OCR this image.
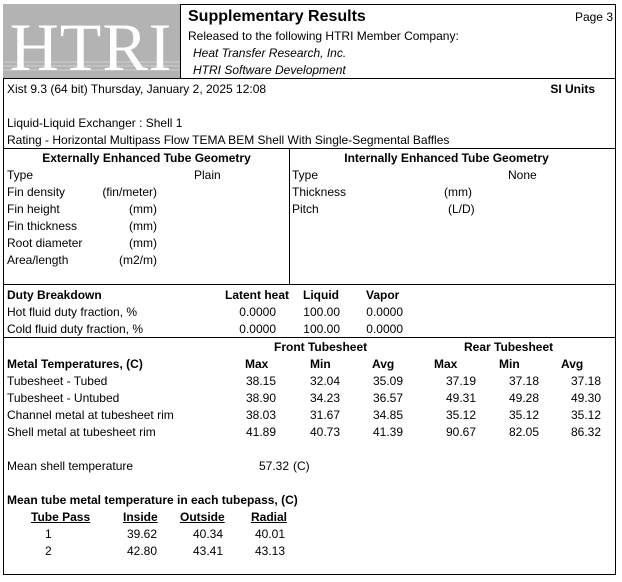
HTRI Supplementary Results	Page 3
Released to the following HTRI Member Company:
Heat Transfer Research, Inc.
HTRI Software Development
Xist 9.3 (64 bit) Thursday, January 2, 2025 12:08	SI Units
Liquid-Liquid Exchanger : Shell 1
Rating - Horizontal Multipass Flow TEMA BEM Shell With Single-Segmental Baffles
Externally Enhanced Tube Geometry
Type	Plain
Fin density	(fin/meter)
Fin height	(mm)
Fin thickness	(mm)
Root diameter	(mm)
Area/length	(m2/m)
Internally Enhanced Tube Geometry
Type	None
Thickness	(mm)
Pitch	(L/D)
Duty Breakdown	Latent heat Liquid Vapor
Hot fluid duty fraction, %	0.0000 100.00 0.0000
Cold fluid duty fraction, %	0.0000 100.00 0.0000
Front Tubesheet	Rear Tubesheet
Metal Temperatures, (C)	Max	Min	Avg	Max	Min	Avg
Tubesheet - Tubed	38.15	32.04	35.09	37.19	37.18	37.18
Tubesheet - Untubed	38.90	34.23	36.57	49.31	49.28	49.30
Channel metal at tubesheet rim	38.03	31.67	34.85	35.12	35.12	35.12
Shell metal at tubesheet rim	41.89	40.73	41.39	90.67	82.05	86.32
Mean shell temperature	57.32 (C)
Mean tube metal temperature in each tubepass, (C)
Tube Pass	Inside Outside Radial
1	39.62	40.34	40.01
2	42.80	43.41	43.13
